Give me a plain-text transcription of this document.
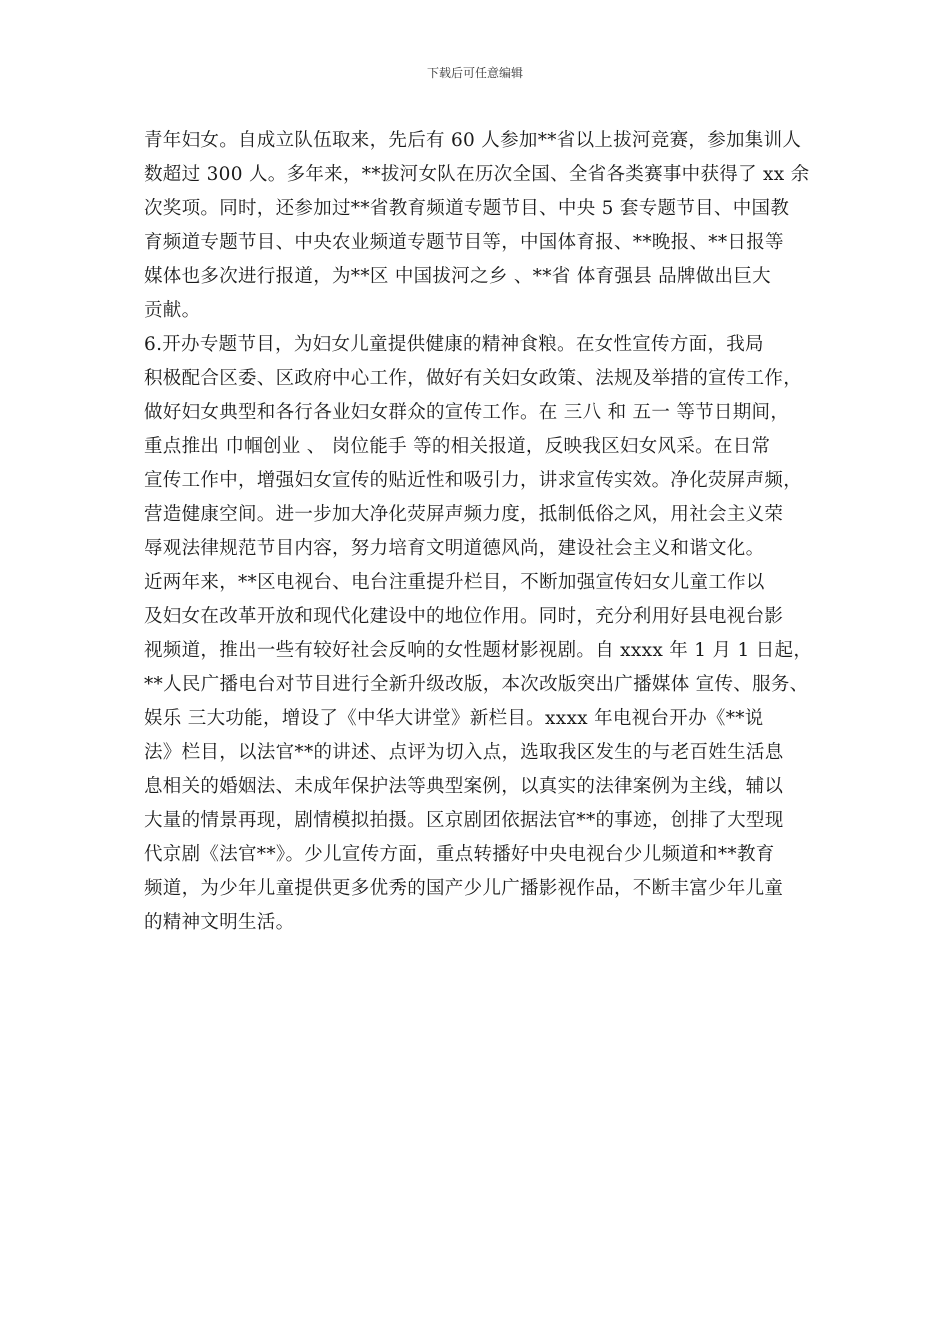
下载后可任意编辑
青年妇女。自成立队伍取来，先后有 60 人参加**省以上拔河竞赛，参加集训人
数超过 300 人。多年来，**拔河女队在历次全国、全省各类赛事中获得了 xx 余
次奖项。同时，还参加过**省教育频道专题节目、中央 5 套专题节目、中国教
育频道专题节目、中央农业频道专题节目等，中国体育报、**晚报、**日报等
媒体也多次进行报道，为**区 中国拔河之乡 、**省 体育强县 品牌做出巨大
贡献。
6.开办专题节目，为妇女儿童提供健康的精神食粮。在女性宣传方面，我局
积极配合区委、区政府中心工作，做好有关妇女政策、法规及举措的宣传工作，
做好妇女典型和各行各业妇女群众的宣传工作。在 三八 和 五一 等节日期间，
重点推出 巾帼创业 、 岗位能手 等的相关报道，反映我区妇女风采。在日常
宣传工作中，增强妇女宣传的贴近性和吸引力，讲求宣传实效。净化荧屏声频，
营造健康空间。进一步加大净化荧屏声频力度，抵制低俗之风，用社会主义荣
辱观法律规范节目内容，努力培育文明道德风尚，建设社会主义和谐文化。
近两年来，**区电视台、电台注重提升栏目，不断加强宣传妇女儿童工作以
及妇女在改革开放和现代化建设中的地位作用。同时，充分利用好县电视台影
视频道，推出一些有较好社会反响的女性题材影视剧。自 xxxx 年 1 月 1 日起，
**人民广播电台对节目进行全新升级改版，本次改版突出广播媒体 宣传、服务、
娱乐 三大功能，增设了《中华大讲堂》新栏目。xxxx 年电视台开办《**说
法》栏目，以法官**的讲述、点评为切入点，选取我区发生的与老百姓生活息
息相关的婚姻法、未成年保护法等典型案例，以真实的法律案例为主线，辅以
大量的情景再现，剧情模拟拍摄。区京剧团依据法官**的事迹，创排了大型现
代京剧《法官**》。少儿宣传方面，重点转播好中央电视台少儿频道和**教育
频道，为少年儿童提供更多优秀的国产少儿广播影视作品，不断丰富少年儿童
的精神文明生活。
